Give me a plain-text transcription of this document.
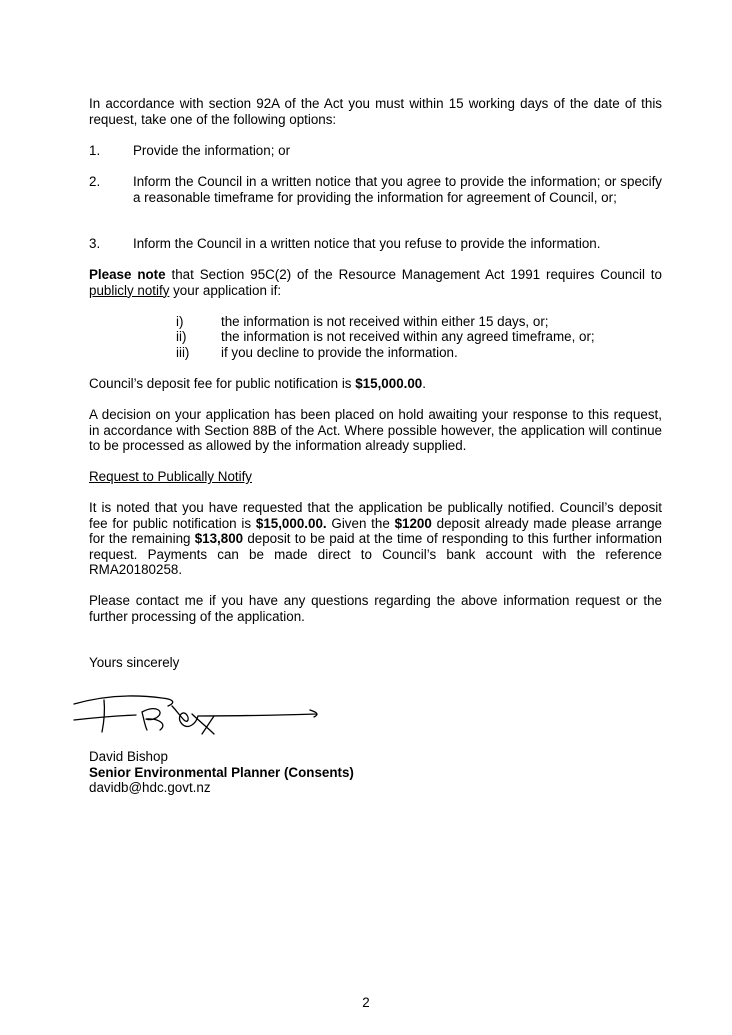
In accordance with section 92A of the Act you must within 15 working days of the date of this request, take one of the following options:

1. Provide the information; or

2. Inform the Council in a written notice that you agree to provide the information; or specify a reasonable timeframe for providing the information for agreement of Council, or;

3. Inform the Council in a written notice that you refuse to provide the information.

Please note that Section 95C(2) of the Resource Management Act 1991 requires Council to publicly notify your application if:

i)	the information is not received within either 15 days, or;

ii)	the information is not received within any agreed timeframe, or;

iii) if you decline to provide the information.

Council’s deposit fee for public notification is $15,000.00.

A decision on your application has been placed on hold awaiting your response to this request, in accordance with Section 88B of the Act. Where possible however, the application will continue to be processed as allowed by the information already supplied.

Request to Publically Notify

It is noted that you have requested that the application be publically notified. Council’s deposit fee for public notification is $15,000.00. Given the $1200 deposit already made please arrange for the remaining $13,800 deposit to be paid at the time of responding to this further information request. Payments can be made direct to Council’s bank account with the reference RMA20180258.

Please contact me if you have any questions regarding the above information request or the further processing of the application.

Yours sincerely

David Bishop

Senior Environmental Planner (Consents)

davidb@hdc.govt.nz

2
